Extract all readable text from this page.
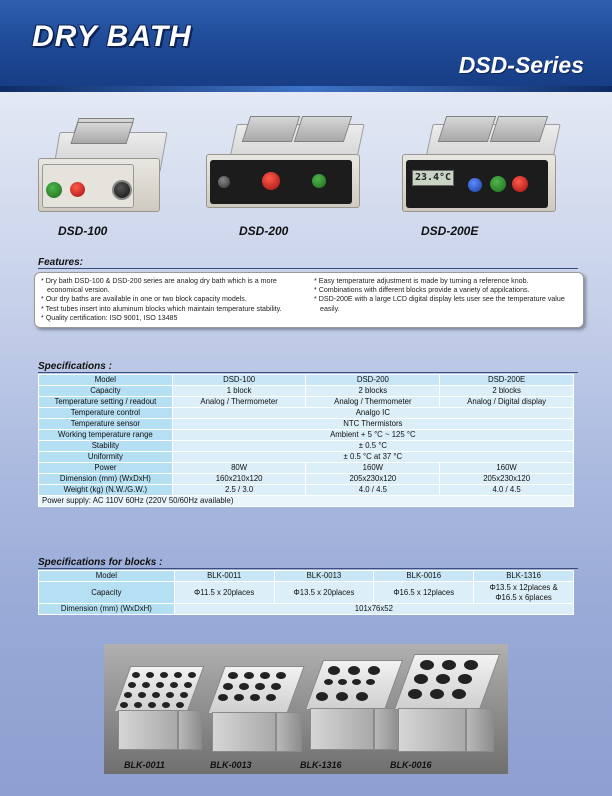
DRY BATH
DSD-Series
DSD-100	DSD-200
23.4°C
DSD-200E
Features:
* Dry bath DSD-100 & DSD-200 series are analog dry bath which is a more economical version.
* Our dry baths are available in one or two block capacity models.
* Test tubes insert into aluminum blocks which maintain temperature stability.
* Quality certification: ISO 9001, ISO 13485
* Easy temperature adjustment is made by turning a reference knob.
* Combinations with different blocks provide a variety of appilcations.
* DSD-200E with a large LCD digital display lets user see the temperature value easily.
Specifications :
Model	DSD-100	DSD-200	DSD-200E
Capacity	1 block	2 blocks	2 blocks
Temperature setting / readout	Analog / Thermometer	Analog / Thermometer	Analog / Digital display
Temperature control	Analgo IC		
Temperature sensor	NTC Thermistors		
Working temperature range	Ambient + 5 °C ~ 125 °C		
Stability	± 0.5 °C		
Uniformity	± 0.5 °C at 37 °C		
Power	80W	160W	160W
Dimension (mm) (WxDxH)	160x210x120	205x230x120	205x230x120
Weight (kg) (N.W./G.W.)	2.5 / 3.0	4.0 / 4.5	4.0 / 4.5
Power supply: AC 110V 60Hz (220V 50/60Hz available)			
Specifications for blocks :
Model	BLK-0011	BLK-0013	BLK-0016	BLK-1316
Capacity	Φ11.5 x 20places	Φ13.5 x 20places	Φ16.5 x 12places	Φ13.5 x 12places &
Φ16.5 x 6places

Dimension (mm) (WxDxH)	101x76x52			
BLK-0011	BLK-0013	BLK-1316	BLK-0016
